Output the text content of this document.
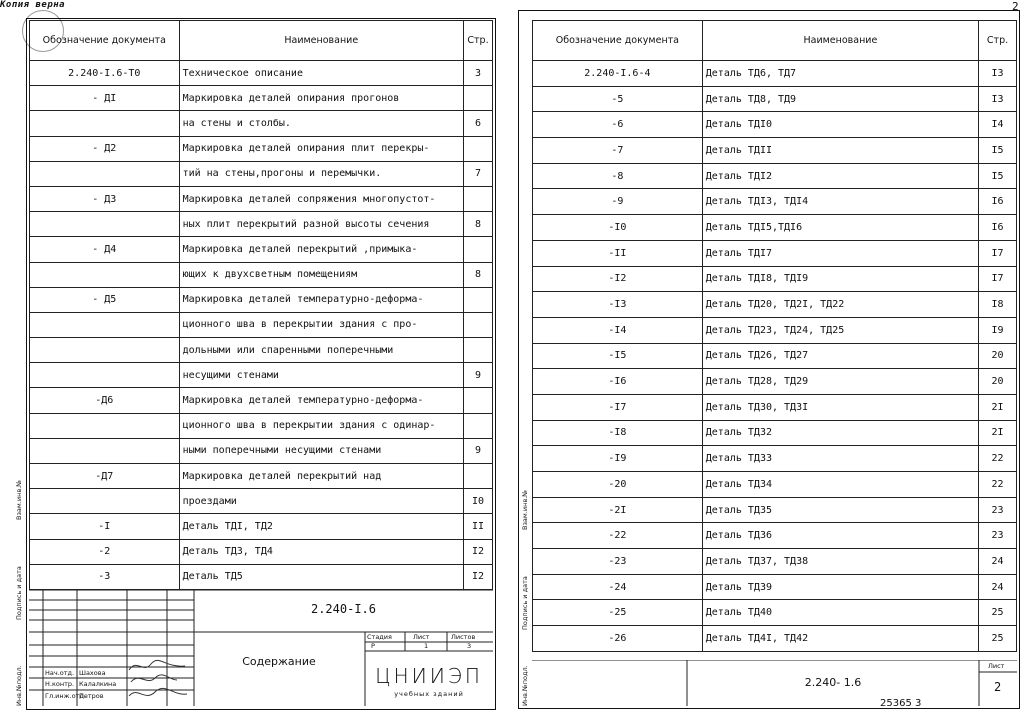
Копия верна
Обозначение документа	Наименование	Стр.
2.240-I.6-T0	Техническое описание	3
- ДI	Маркировка деталей опирания прогонов	
	на стены и столбы.	6
- Д2	Маркировка деталей опирания плит перекры-	
	тий на стены,прогоны и перемычки.	7
- Д3	Маркировка деталей сопряжения многопустот-	
	ных плит перекрытий разной высоты сечения	8
- Д4	Маркировка деталей перекрытий ,примыка-	
	ющих к двухсветным помещениям	8
- Д5	Маркировка деталей температурно-деформа-	
	ционного шва в перекрытии здания с про-	
	дольными или спаренными поперечными	
	несущими стенами	9
-Д6	Маркировка деталей температурно-деформа-	
	ционного шва в перекрытии здания с одинар-	
	ными поперечными несущими стенами	9
-Д7	Маркировка деталей перекрытий над	
	проездами	I0
-I	Деталь ТДI, ТД2	II
-2	Деталь ТД3, ТД4	I2
-3	Деталь ТД5	I2
2.240-I.6
Содержание
Стадия	Лист	Листов
Р	1	3
ЦНИИЭП
учебных зданий
Нач.отд. Шахова
Н.контр. Калалкина
Гл.инж.отд.
Петров
Взам.инв.№
Подпись и дата
Инв.№подл.
2
Обозначение документа	Наименование	Стр.
2.240-I.6-4	Деталь ТД6, ТД7	I3
-5	Деталь ТД8, ТД9	I3
-6	Деталь ТДI0	I4
-7	Деталь ТДII	I5
-8	Деталь ТДI2	I5
-9	Деталь ТДI3, ТДI4	I6
-I0	Деталь ТДI5,ТДI6	I6
-II	Деталь ТДI7	I7
-I2	Деталь ТДI8, ТДI9	I7
-I3	Деталь ТД20, ТД2I, ТД22	I8
-I4	Деталь ТД23, ТД24, ТД25	I9
-I5	Деталь ТД26, ТД27	20
-I6	Деталь ТД28, ТД29	20
-I7	Деталь ТД30, ТД3I	2I
-I8	Деталь ТД32	2I
-I9	Деталь ТД33	22
-20	Деталь ТД34	22
-2I	Деталь ТД35	23
-22	Деталь ТД36	23
-23	Деталь ТД37, ТД38	24
-24	Деталь ТД39	24
-25	Деталь ТД40	25
-26	Деталь ТД4I, ТД42	25
2.240- 1.6
Лист
2
Взам.инв.№
Подпись и дата
Инв.№подл.	25365 3
